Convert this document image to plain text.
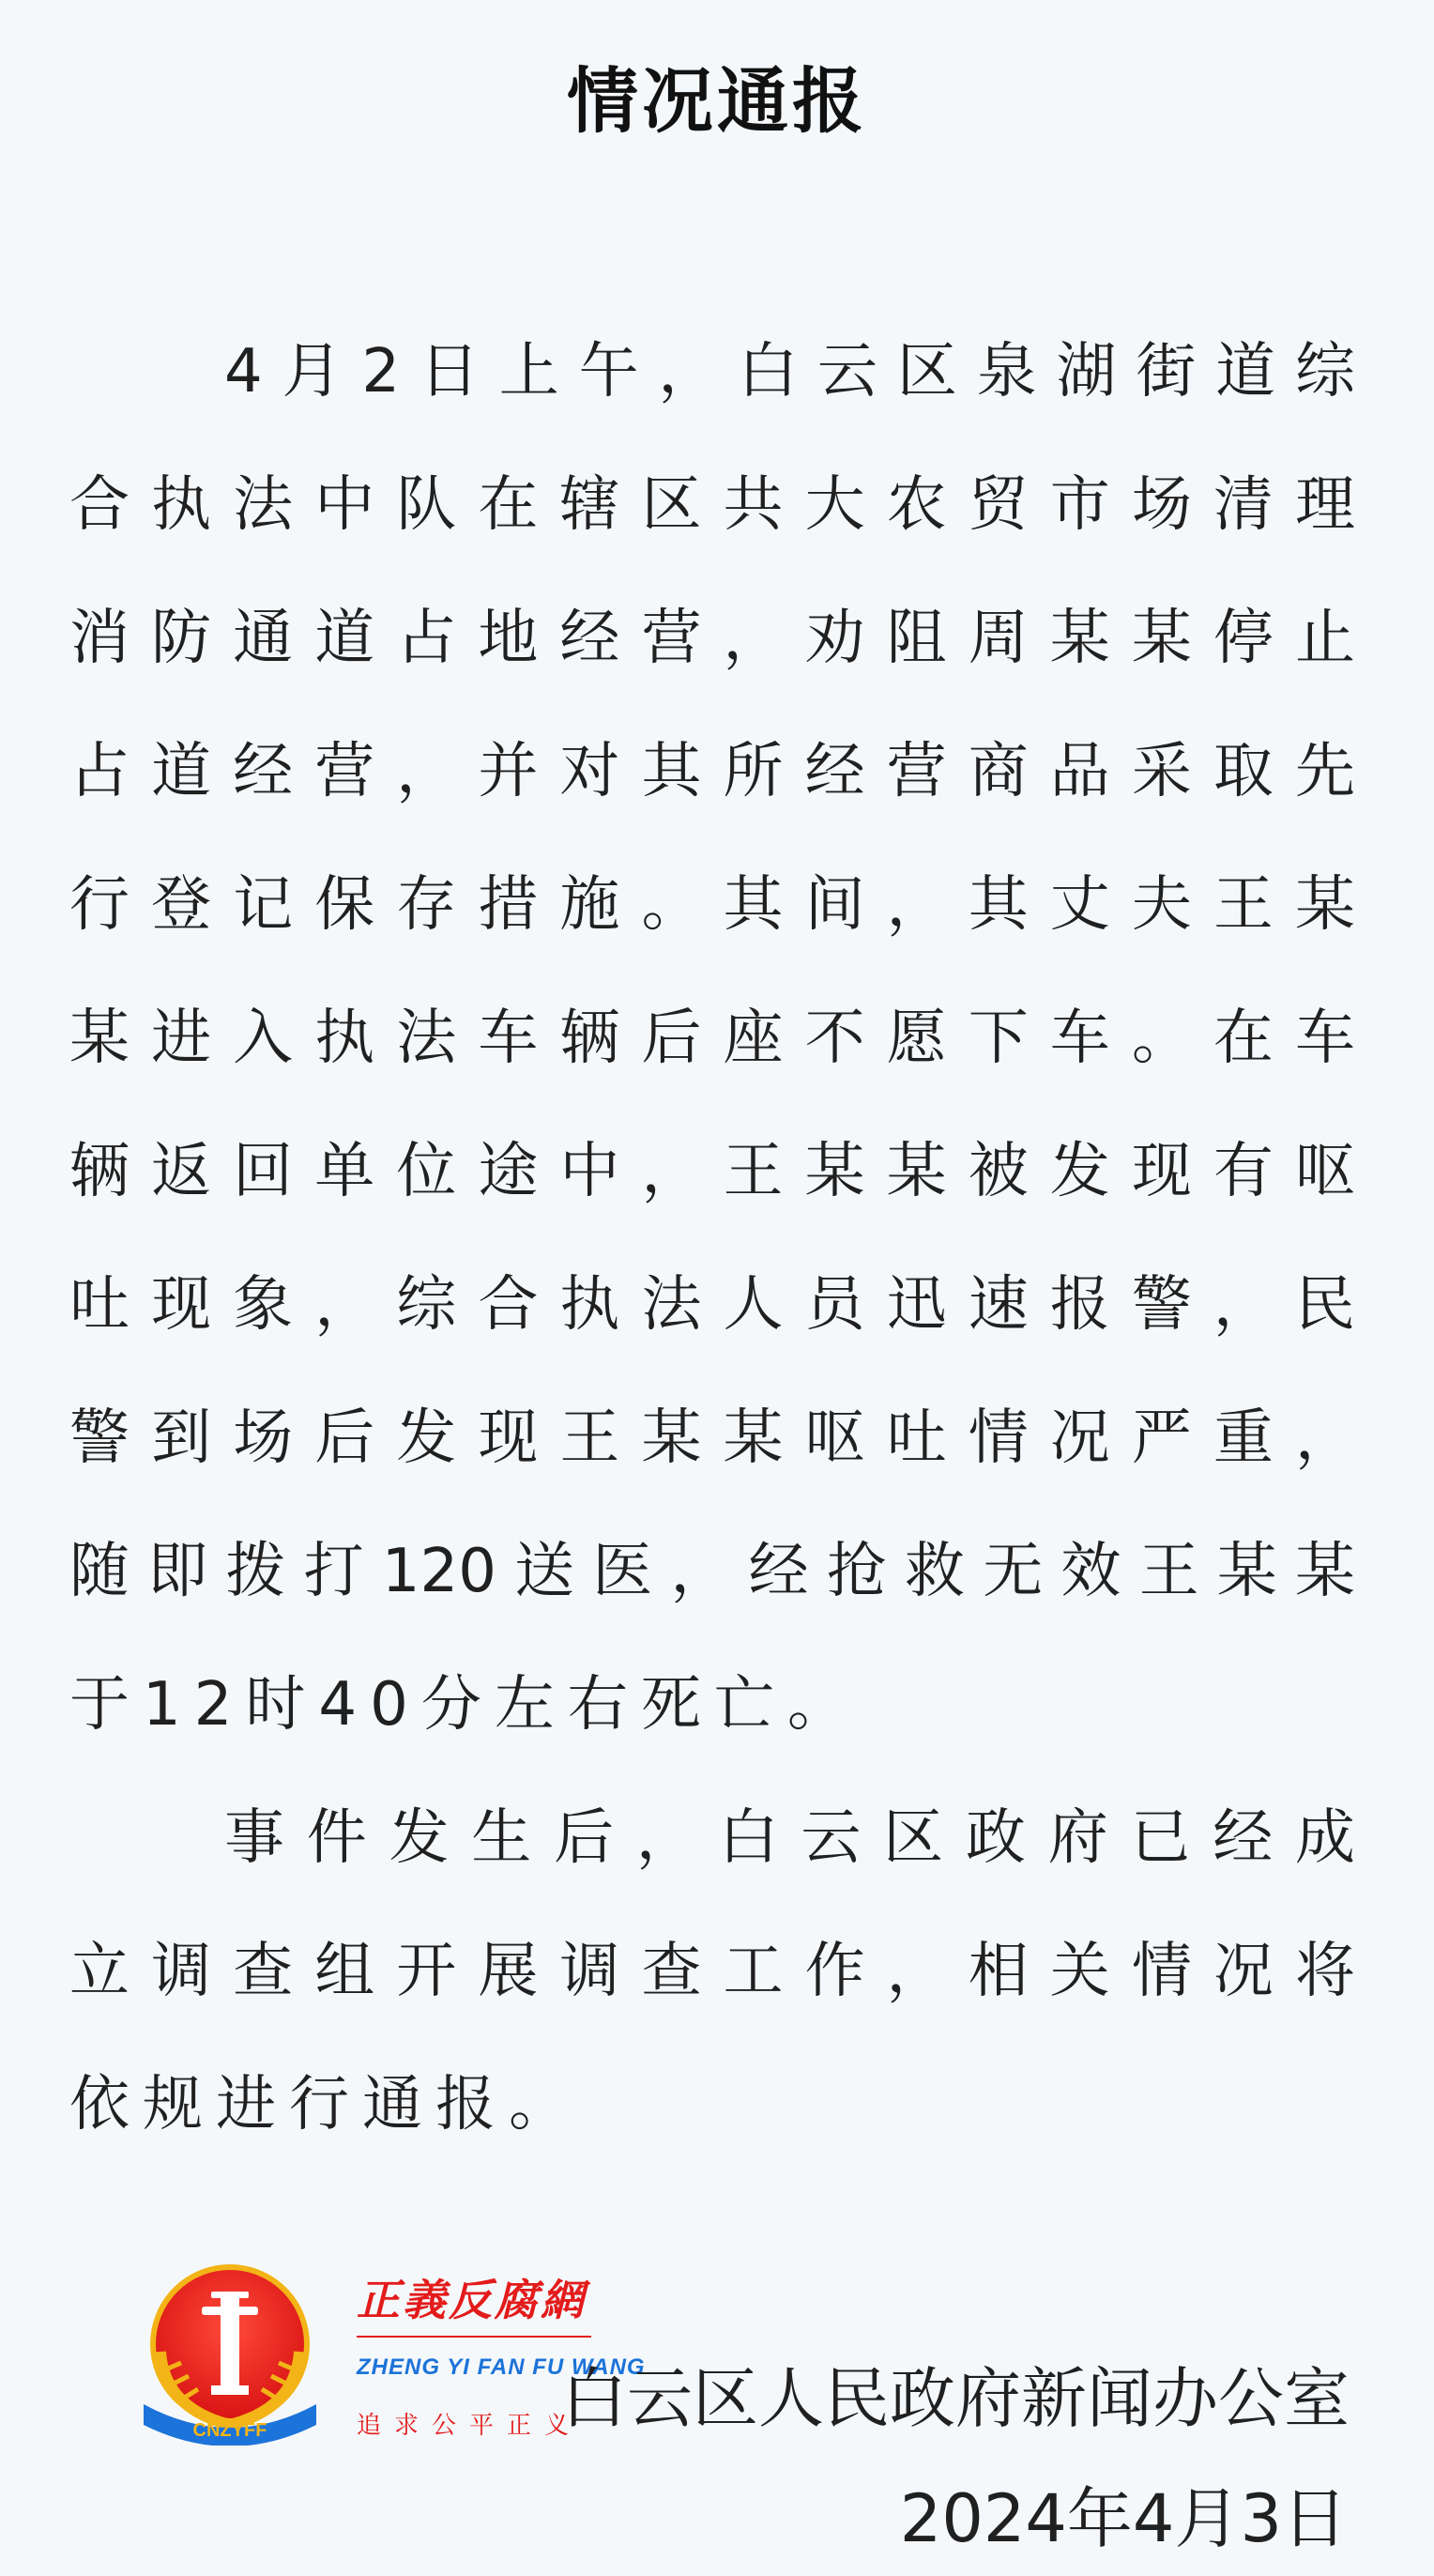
情况通报
4月2日上午，白云区泉湖街道综
合执法中队在辖区共大农贸市场清理
消防通道占地经营，劝阻周某某停止
占道经营，并对其所经营商品采取先
行登记保存措施。其间，其丈夫王某
某进入执法车辆后座不愿下车。在车
辆返回单位途中，王某某被发现有呕
吐现象，综合执法人员迅速报警，民
警到场后发现王某某呕吐情况严重，
随即拨打120送医，经抢救无效王某某
于12时40分左右死亡。
事件发生后，白云区政府已经成
立调查组开展调查工作，相关情况将
依规进行通报。
CNZYFF
正義反腐網
ZHENG YI FAN FU WANG
追求公平正义
白云区人民政府新闻办公室
2024年4月3日
